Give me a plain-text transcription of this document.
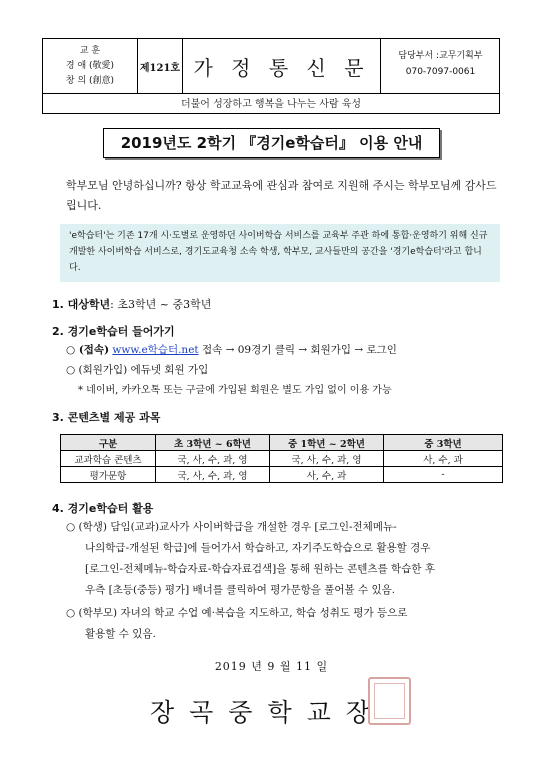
교 훈
경 애 (敬愛)
창 의 (創意)
제121호 가 정 통 신 문	담당부서 :교무기획부
070-7097-0061
더불어 성장하고 행복을 나누는 사람 육성
2019년도 2학기 『경기e학습터』 이용 안내
학부모님 안녕하십니까? 항상 학교교육에 관심과 참여로 지원해 주시는 학부모님께 감사드립니다.
'e학습터'는 기존 17개 시·도별로 운영하던 사이버학습 서비스를 교육부 주관 하에 통합·운영하기 위해 신규 개발한 사이버학습 서비스로, 경기도교육청 소속 학생, 학부모, 교사들만의 공간을 '경기e학습터'라고 합니다.
1. 대상학년: 초3학년 ~ 중3학년
2. 경기e학습터 들어가기
○ (접속) www.e학습터.net 접속 → 09경기 클릭 → 회원가입 → 로그인
○ (회원가입) 에듀넷 회원 가입
* 네이버, 카카오톡 또는 구글에 가입된 회원은 별도 가입 없이 이용 가능
3. 콘텐츠별 제공 과목
구분	초 3학년 ~ 6학년	중 1학년 ~ 2학년	중 3학년
교과학습 콘텐츠	국, 사, 수, 과, 영	국, 사, 수, 과, 영	사, 수, 과
평가문항	국, 사, 수, 과, 영	사, 수, 과	-
4. 경기e학습터 활용
○ (학생) 담임(교과)교사가 사이버학급을 개설한 경우 [로그인-전체메뉴-
나의학급-개설된 학급]에 들어가서 학습하고, 자기주도학습으로 활용할 경우
[로그인-전체메뉴-학습자료-학습자료검색]을 통해 원하는 콘텐츠를 학습한 후
우측 [초등(중등) 평가] 배너를 클릭하여 평가문항을 풀어볼 수 있음.
○ (학부모) 자녀의 학교 수업 예·복습을 지도하고, 학습 성취도 평가 등으로
활용할 수 있음.
2019 년 9 월 11 일
장곡중학교장
